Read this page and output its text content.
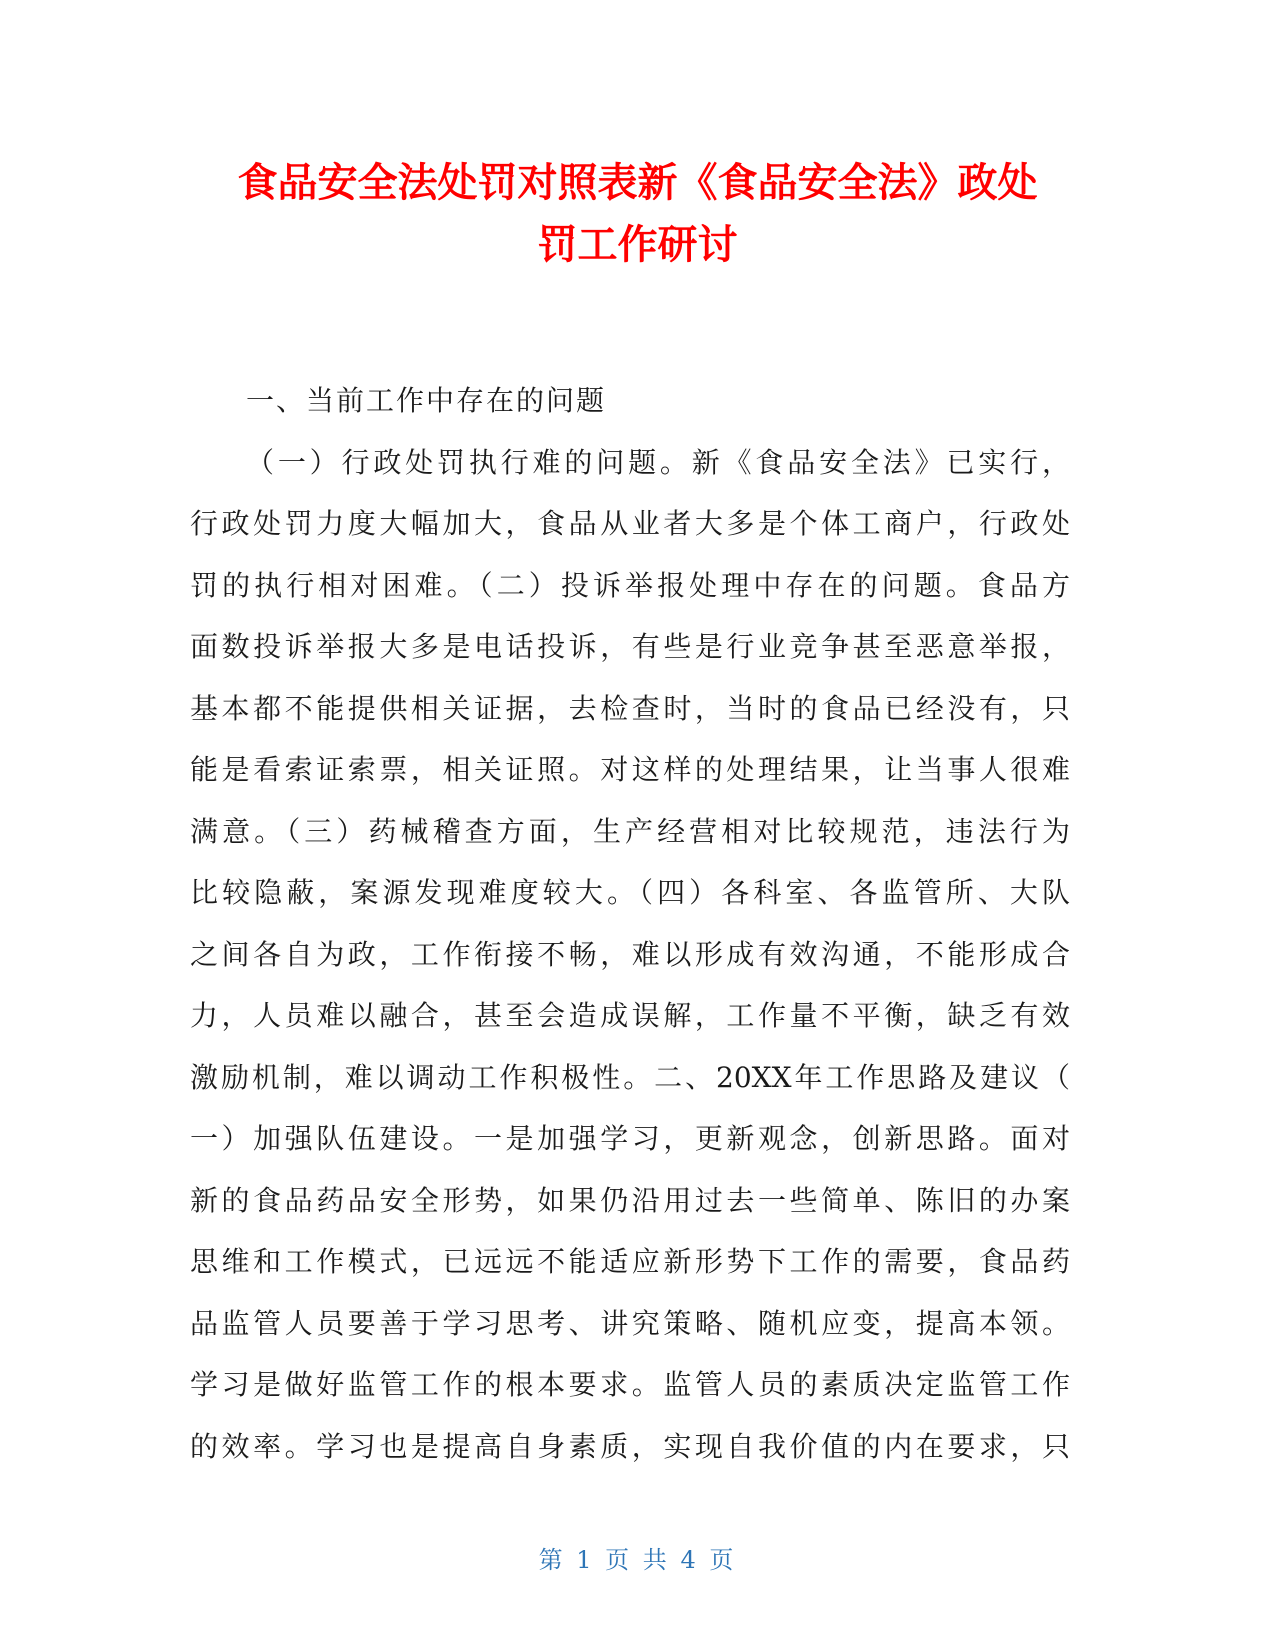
食品安全法处罚对照表新《食品安全法》政处
罚工作研讨
一、当前工作中存在的问题
（一）行政处罚执行难的问题。新《食品安全法》已实行，
行政处罚力度大幅加大，食品从业者大多是个体工商户，行政处
罚的执行相对困难。（二）投诉举报处理中存在的问题。食品方
面数投诉举报大多是电话投诉，有些是行业竞争甚至恶意举报，
基本都不能提供相关证据，去检查时，当时的食品已经没有，只
能是看索证索票，相关证照。对这样的处理结果，让当事人很难
满意。（三）药械稽查方面，生产经营相对比较规范，违法行为
比较隐蔽，案源发现难度较大。（四）各科室、各监管所、大队
之间各自为政，工作衔接不畅，难以形成有效沟通，不能形成合
力，人员难以融合，甚至会造成误解，工作量不平衡，缺乏有效
激励机制，难以调动工作积极性。二、20XX年工作思路及建议（
一）加强队伍建设。一是加强学习，更新观念，创新思路。面对
新的食品药品安全形势，如果仍沿用过去一些简单、陈旧的办案
思维和工作模式，已远远不能适应新形势下工作的需要，食品药
品监管人员要善于学习思考、讲究策略、随机应变，提高本领。
学习是做好监管工作的根本要求。监管人员的素质决定监管工作
的效率。学习也是提高自身素质，实现自我价值的内在要求，只
第 1 页 共 4 页
